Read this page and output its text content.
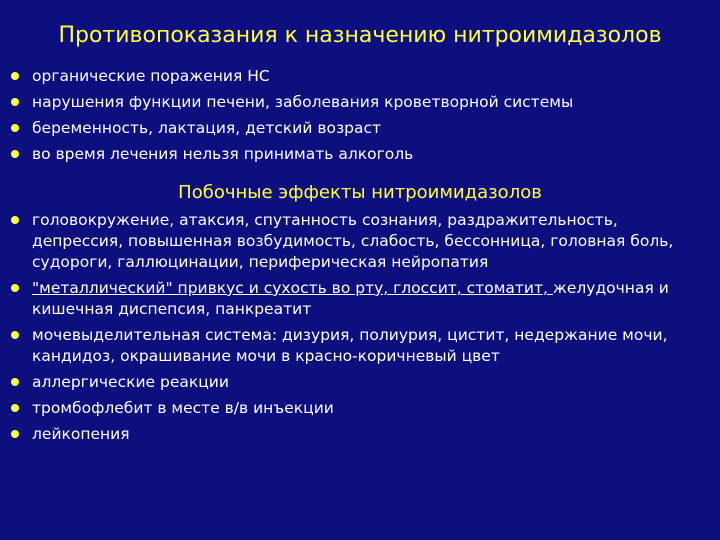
Противопоказания к назначению нитроимидазолов
органические поражения НС
нарушения функции печени, заболевания кроветворной системы
беременность, лактация, детский возраст
во время лечения нельзя принимать алкоголь
Побочные эффекты нитроимидазолов
головокружение, атаксия, спутанность сознания, раздражительность, депрессия, повышенная возбудимость, слабость, бессонница, головная боль, судороги, галлюцинации, периферическая нейропатия
"металлический" привкус и сухость во рту, глоссит, стоматит, желудочная и кишечная диспепсия, панкреатит
мочевыделительная система: дизурия, полиурия, цистит, недержание мочи, кандидоз, окрашивание мочи в красно-коричневый цвет
аллергические реакции
тромбофлебит в месте в/в инъекции
лейкопения
